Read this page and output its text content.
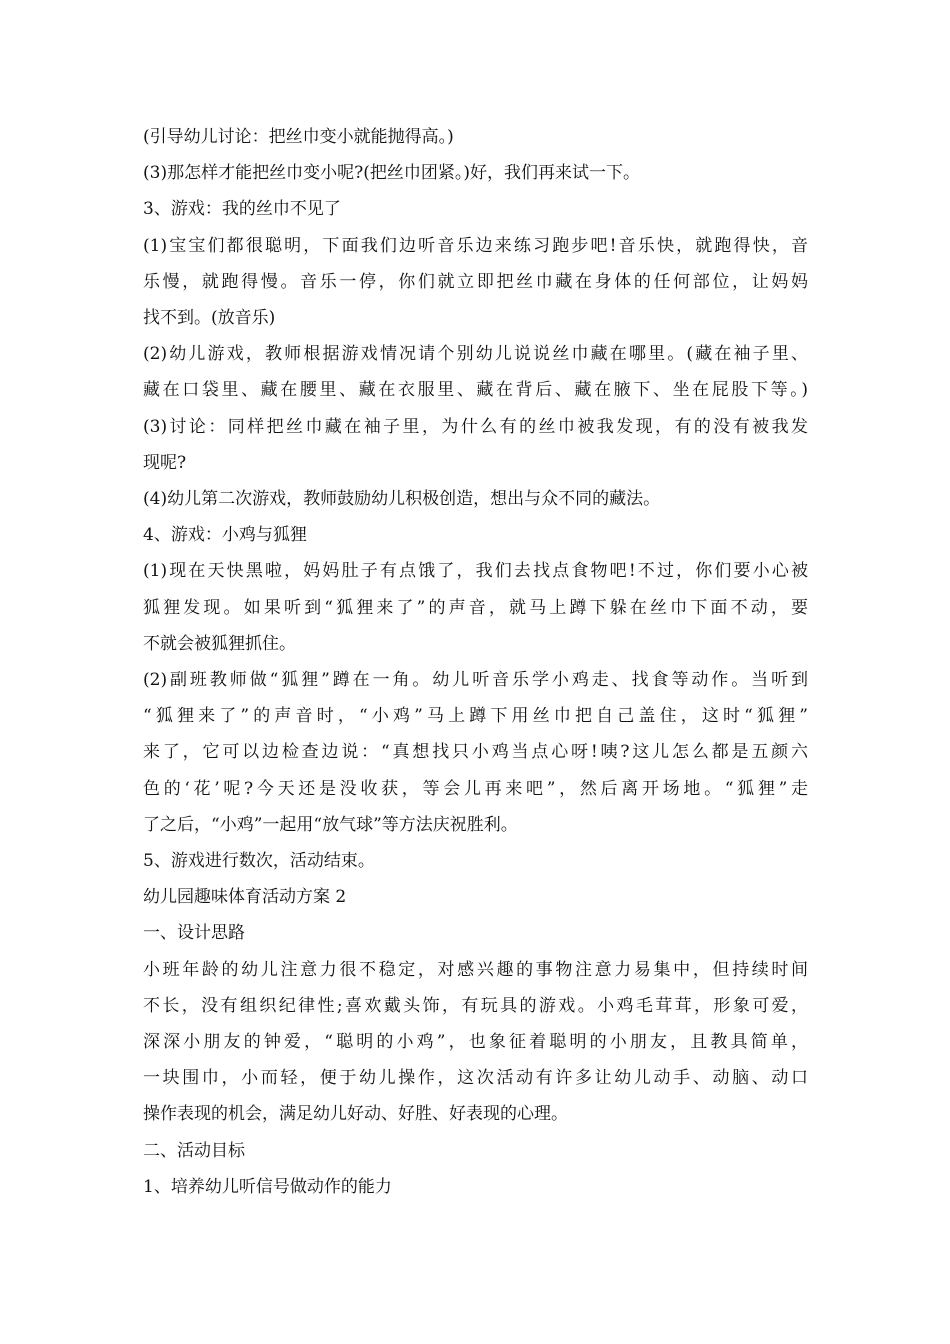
(引导幼儿讨论：把丝巾变小就能抛得高。)

(3)那怎样才能把丝巾变小呢?(把丝巾团紧。)好，我们再来试一下。

3、游戏：我的丝巾不见了

(1)宝宝们都很聪明，下面我们边听音乐边来练习跑步吧!音乐快，就跑得快，音

乐慢，就跑得慢。音乐一停，你们就立即把丝巾藏在身体的任何部位，让妈妈

找不到。(放音乐)

(2)幼儿游戏，教师根据游戏情况请个别幼儿说说丝巾藏在哪里。(藏在袖子里、

藏在口袋里、藏在腰里、藏在衣服里、藏在背后、藏在腋下、坐在屁股下等。)

(3)讨论：同样把丝巾藏在袖子里，为什么有的丝巾被我发现，有的没有被我发

现呢?

(4)幼儿第二次游戏，教师鼓励幼儿积极创造，想出与众不同的藏法。

4、游戏：小鸡与狐狸

(1)现在天快黑啦，妈妈肚子有点饿了，我们去找点食物吧!不过，你们要小心被

狐狸发现。如果听到“狐狸来了”的声音，就马上蹲下躲在丝巾下面不动，要

不就会被狐狸抓住。

(2)副班教师做“狐狸”蹲在一角。幼儿听音乐学小鸡走、找食等动作。当听到

“狐狸来了”的声音时，“小鸡”马上蹲下用丝巾把自己盖住，这时“狐狸”

来了，它可以边检查边说：“真想找只小鸡当点心呀!咦?这儿怎么都是五颜六

色的‘花’呢?今天还是没收获，等会儿再来吧”，然后离开场地。“狐狸”走

了之后，“小鸡”一起用“放气球”等方法庆祝胜利。

5、游戏进行数次，活动结束。

幼儿园趣味体育活动方案 2

一、设计思路

小班年龄的幼儿注意力很不稳定，对感兴趣的事物注意力易集中，但持续时间

不长，没有组织纪律性;喜欢戴头饰，有玩具的游戏。小鸡毛茸茸，形象可爱，

深深小朋友的钟爱，“聪明的小鸡”，也象征着聪明的小朋友，且教具简单，

一块围巾，小而轻，便于幼儿操作，这次活动有许多让幼儿动手、动脑、动口

操作表现的机会，满足幼儿好动、好胜、好表现的心理。

二、活动目标

1、培养幼儿听信号做动作的能力
